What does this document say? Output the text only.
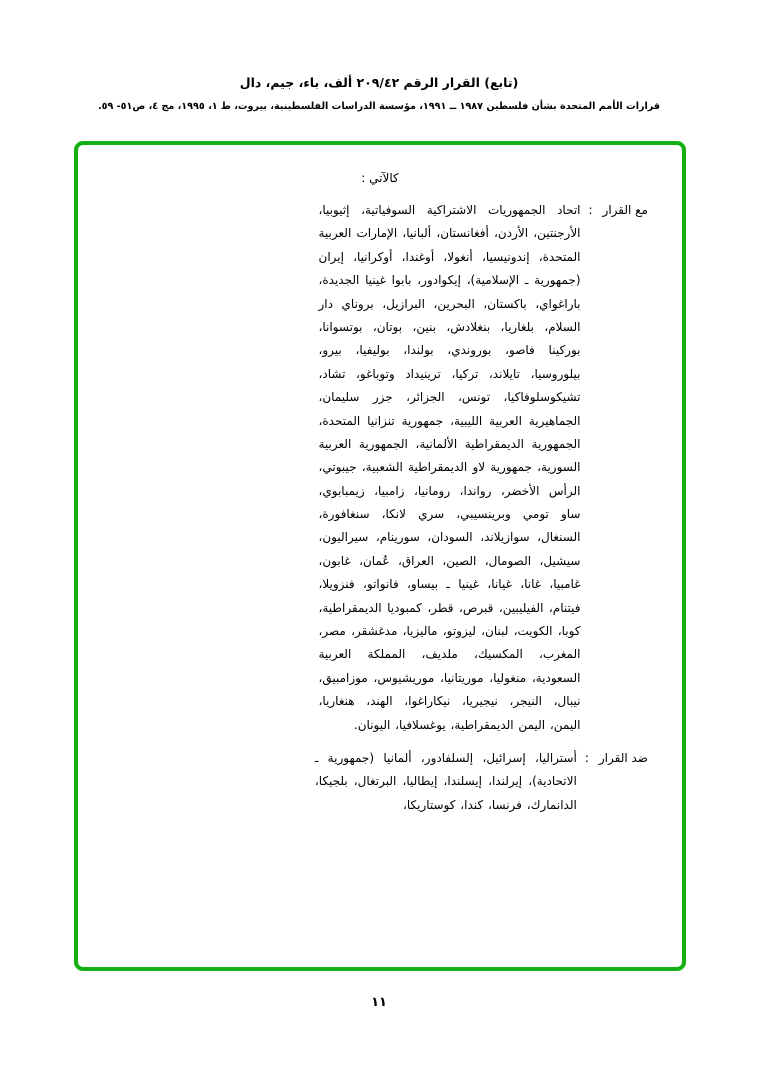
(تابع) القرار الرقم ٢٠٩/٤٢ ألف، باء، جيم، دال
قرارات الأمم المتحدة بشأن فلسطين ١٩٨٧ ــ ١٩٩١، مؤسسة الدراسات الفلسطينية، بيروت، ط ١، ١٩٩٥، مج ٤، ص٥١- ٥٩.
كالآتي :
مع القرار
:
اتحاد الجمهوريات الاشتراكية السوفياتية، إثيوبيا، الأرجنتين، الأردن، أفغانستان، ألبانيا، الإمارات العربية المتحدة، إندونيسيا، أنغولا، أوغندا، أوكرانيا، إيران (جمهورية ـ الإسلامية)، إيكوادور، بابوا غينيا الجديدة، باراغواي، باكستان، البحرين، البرازيل، بروناي دار السلام، بلغاريا، بنغلادش، بنين، بوتان، بوتسوانا، بوركينا فاصو، بوروندي، بولندا، بوليفيا، بيرو، بيلوروسيا، تايلاند، تركيا، ترينيداد وتوباغو، تشاد، تشيكوسلوفاكيا، تونس، الجزائر، جزر سليمان، الجماهيرية العربية الليبية، جمهورية تنزانيا المتحدة، الجمهورية الديمقراطية الألمانية، الجمهورية العربية السورية، جمهورية لاو الديمقراطية الشعبية، جيبوتي، الرأس الأخضر، رواندا، رومانيا، زامبيا، زيمبابوي، ساو تومي وبرينسيبي، سري لانكا، سنغافورة، السنغال، سوازيلاند، السودان، سورينام، سيراليون، سيشيل، الصومال، الصين، العراق، عُمان، غابون، غامبيا، غانا، غيانا، غينيا ـ بيساو، فانواتو، فنزويلا، فيتنام، الفيليبين، قبرص، قطر، كمبوديا الديمقراطية، كوبا، الكويت، لبنان، ليزوتو، ماليزيا، مدغشقر، مصر، المغرب، المكسيك، ملديف، المملكة العربية السعودية، منغوليا، موريتانيا، موريشيوس، موزامبيق، نيبال، النيجر، نيجيريا، نيكاراغوا، الهند، هنغاريا، اليمن، اليمن الديمقراطية، يوغسلافيا، اليونان.
ضد القرار
:
أستراليا، إسرائيل، إلسلفادور، ألمانيا (جمهورية ـ الاتحادية)، إيرلندا، إيسلندا، إيطاليا، البرتغال، بلجيكا، الدانمارك، فرنسا، كندا، كوستاريكا،
١١
